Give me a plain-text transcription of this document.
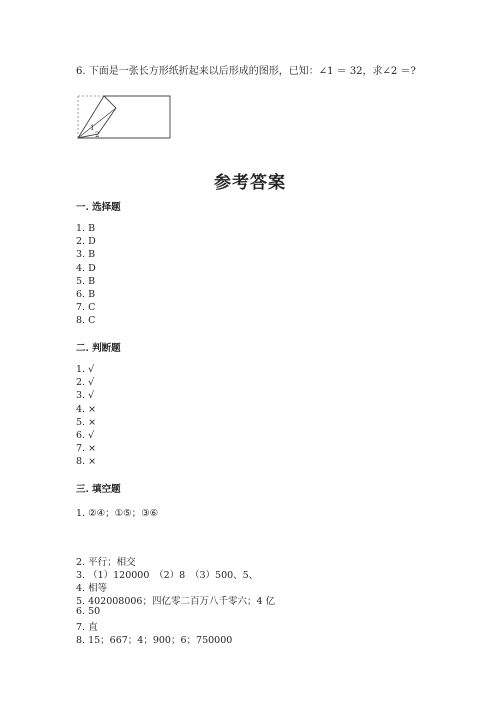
6. 下面是一张长方形纸折起来以后形成的图形，已知：∠1 ＝ 32，求∠2 ＝?
1
2
参考答案
一. 选择题
1. B
2. D
3. B
4. D
5. B
6. B
7. C
8. C
二. 判断题
1. √
2. √
3. √
4. ×
5. ×
6. √
7. ×
8. ×
三. 填空题
1. ②④；①⑤；③⑥
2. 平行；相交
3. （1）120000　（2）8　（3）500、5、
4. 相等
5. 402008006；四亿零二百万八千零六；4 亿
6. 50
7. 直
8. 15；667；4；900；6；750000
